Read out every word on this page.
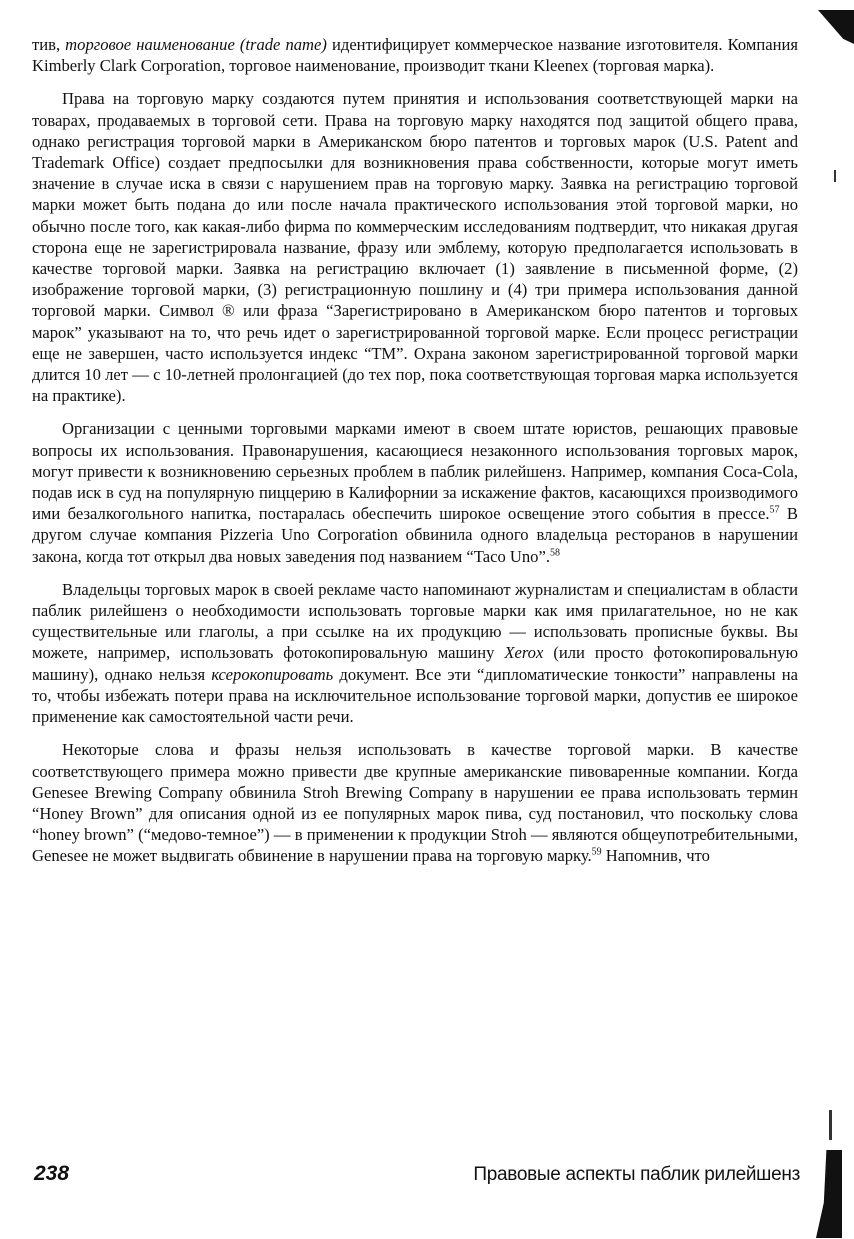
тив, торговое наименование (trade name) идентифицирует коммерческое название изготовителя. Компания Kimberly Clark Corporation, торговое наименование, производит ткани Kleenex (торговая марка).

Права на торговую марку создаются путем принятия и использования соответствующей марки на товарах, продаваемых в торговой сети. Права на торговую марку находятся под защитой общего права, однако регистрация торговой марки в Американском бюро патентов и торговых марок (U.S. Patent and Trademark Office) создает предпосылки для возникновения права собственности, которые могут иметь значение в случае иска в связи с нарушением прав на торговую марку. Заявка на регистрацию торговой марки может быть подана до или после начала практического использования этой торговой марки, но обычно после того, как какая-либо фирма по коммерческим исследованиям подтвердит, что никакая другая сторона еще не зарегистрировала название, фразу или эмблему, которую предполагается использовать в качестве торговой марки. Заявка на регистрацию включает (1) заявление в письменной форме, (2) изображение торговой марки, (3) регистрационную пошлину и (4) три примера использования данной торговой марки. Символ ® или фраза “Зарегистрировано в Американском бюро патентов и торговых марок” указывают на то, что речь идет о зарегистрированной торговой марке. Если процесс регистрации еще не завершен, часто используется индекс “ТМ”. Охрана законом зарегистрированной торговой марки длится 10 лет — с 10-летней пролонгацией (до тех пор, пока соответствующая торговая марка используется на практике).

Организации с ценными торговыми марками имеют в своем штате юристов, решающих правовые вопросы их использования. Правонарушения, касающиеся незаконного использования торговых марок, могут привести к возникновению серьезных проблем в паблик рилейшенз. Например, компания Coca-Cola, подав иск в суд на популярную пиццерию в Калифорнии за искажение фактов, касающихся производимого ими безалкогольного напитка, постаралась обеспечить широкое освещение этого события в прессе.$^{57}$ В другом случае компания Pizzeria Uno Corporation обвинила одного владельца ресторанов в нарушении закона, когда тот открыл два новых заведения под названием “Taco Uno”.$^{58}$

Владельцы торговых марок в своей рекламе часто напоминают журналистам и специалистам в области паблик рилейшенз о необходимости использовать торговые марки как имя прилагательное, но не как существительные или глаголы, а при ссылке на их продукцию — использовать прописные буквы. Вы можете, например, использовать фотокопировальную машину Xerox (или просто фотокопировальную машину), однако нельзя ксерокопировать документ. Все эти “дипломатические тонкости” направлены на то, чтобы избежать потери права на исключительное использование торговой марки, допустив ее широкое применение как самостоятельной части речи.

Некоторые слова и фразы нельзя использовать в качестве торговой марки. В качестве соответствующего примера можно привести две крупные американские пивоваренные компании. Когда Genesee Brewing Company обвинила Stroh Brewing Company в нарушении ее права использовать термин “Honey Brown” для описания одной из ее популярных марок пива, суд постановил, что поскольку слова “honey brown” (“медово-темное”) — в применении к продукции Stroh — являются общеупотребительными, Genesee не может выдвигать обвинение в нарушении права на торговую марку.$^{59}$ Напомнив, что

238	Правовые аспекты паблик рилейшенз
